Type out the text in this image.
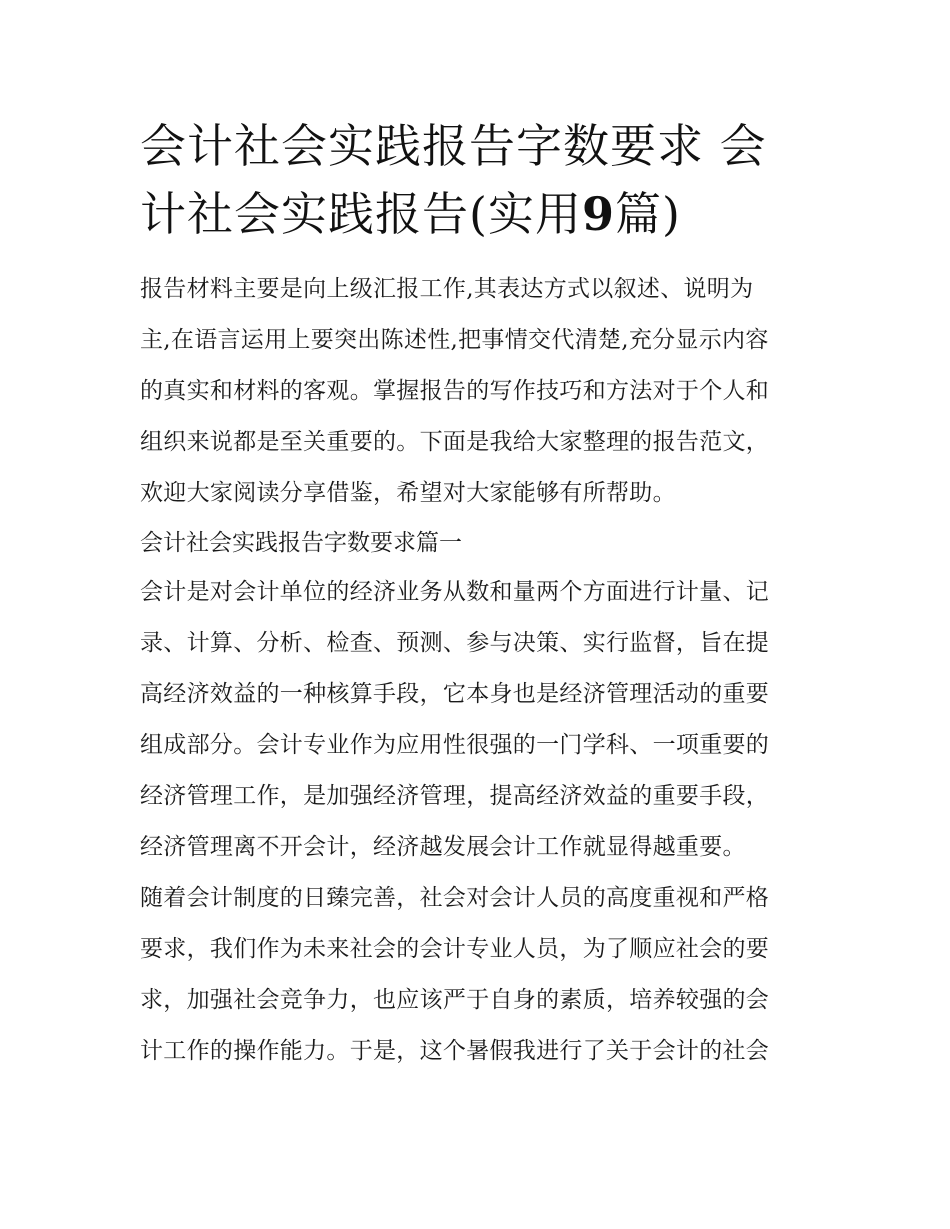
会计社会实践报告字数要求 会
计社会实践报告(实用9篇)

报告材料主要是向上级汇报工作,其表达方式以叙述、说明为
主,在语言运用上要突出陈述性,把事情交代清楚,充分显示内容
的真实和材料的客观。掌握报告的写作技巧和方法对于个人和
组织来说都是至关重要的。下面是我给大家整理的报告范文，
欢迎大家阅读分享借鉴，希望对大家能够有所帮助。

会计社会实践报告字数要求篇一

会计是对会计单位的经济业务从数和量两个方面进行计量、记
录、计算、分析、检查、预测、参与决策、实行监督，旨在提
高经济效益的一种核算手段，它本身也是经济管理活动的重要
组成部分。会计专业作为应用性很强的一门学科、一项重要的
经济管理工作，是加强经济管理，提高经济效益的重要手段，
经济管理离不开会计，经济越发展会计工作就显得越重要。

随着会计制度的日臻完善，社会对会计人员的高度重视和严格
要求，我们作为未来社会的会计专业人员，为了顺应社会的要
求，加强社会竞争力，也应该严于自身的素质，培养较强的会
计工作的操作能力。于是，这个暑假我进行了关于会计的社会
